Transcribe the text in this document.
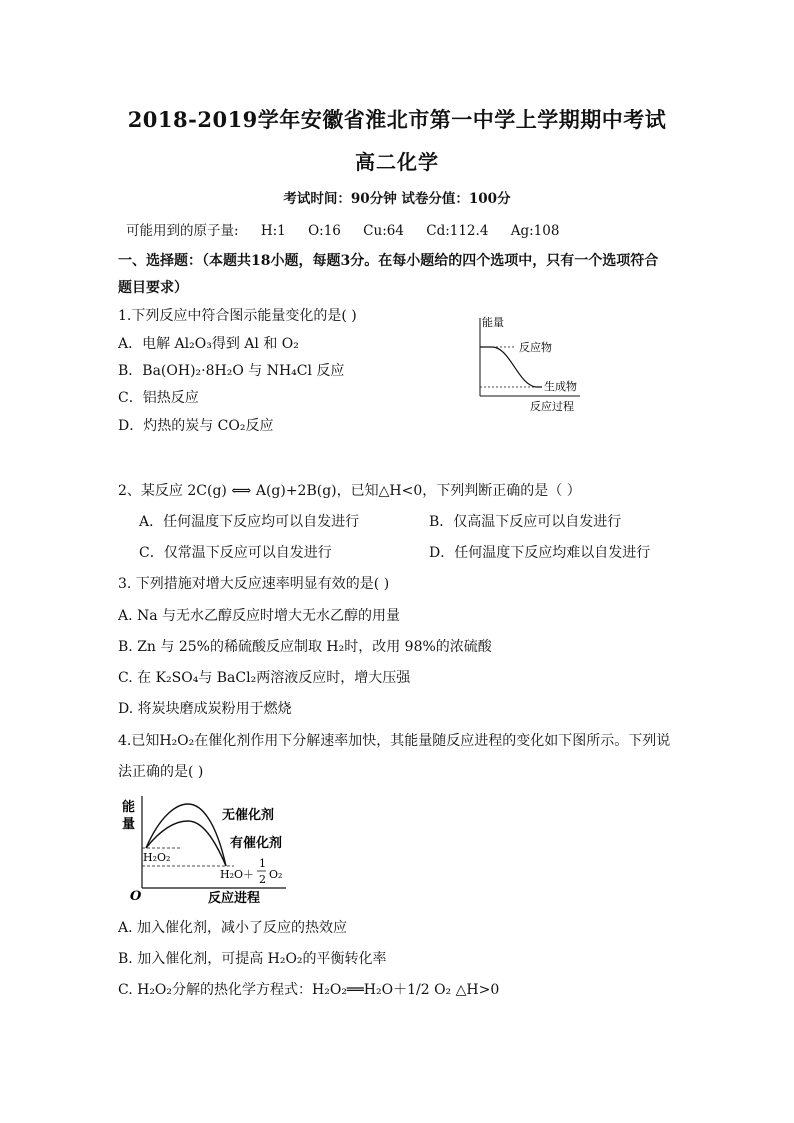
2018-2019学年安徽省淮北市第一中学上学期期中考试
高二化学
考试时间：90分钟 试卷分值：100分
可能用到的原子量: H:1 O:16 Cu:64 Cd:112.4 Ag:108
一、选择题：（本题共18小题，每题3分。在每小题给的四个选项中，只有一个选项符合
题目要求）
1.下列反应中符合图示能量变化的是( )
A．电解 Al₂O₃得到 Al 和 O₂
B．Ba(OH)₂·8H₂O 与 NH₄Cl 反应
C．铝热反应
D．灼热的炭与 CO₂反应
能量
反应物
生成物
反应过程
2、某反应 2C(g) ⟺ A(g)+2B(g)，已知△H<0，下列判断正确的是（ ）
A．任何温度下反应均可以自发进行	B．仅高温下反应可以自发进行
C．仅常温下反应可以自发进行	D．任何温度下反应均难以自发进行
3. 下列措施对增大反应速率明显有效的是( )
A. Na 与无水乙醇反应时增大无水乙醇的用量
B. Zn 与 25%的稀硫酸反应制取 H₂时，改用 98%的浓硫酸
C. 在 K₂SO₄与 BaCl₂两溶液反应时，增大压强
D. 将炭块磨成炭粉用于燃烧
4.已知H₂O₂在催化剂作用下分解速率加快，其能量随反应进程的变化如下图所示。下列说
法正确的是( )
能
量
O	反应进程
无催化剂
有催化剂
H₂O₂
H₂O＋
1
2 O₂
A. 加入催化剂，减小了反应的热效应
B. 加入催化剂，可提高 H₂O₂的平衡转化率
C. H₂O₂分解的热化学方程式：H₂O₂══H₂O＋1/2 O₂ △H>0
